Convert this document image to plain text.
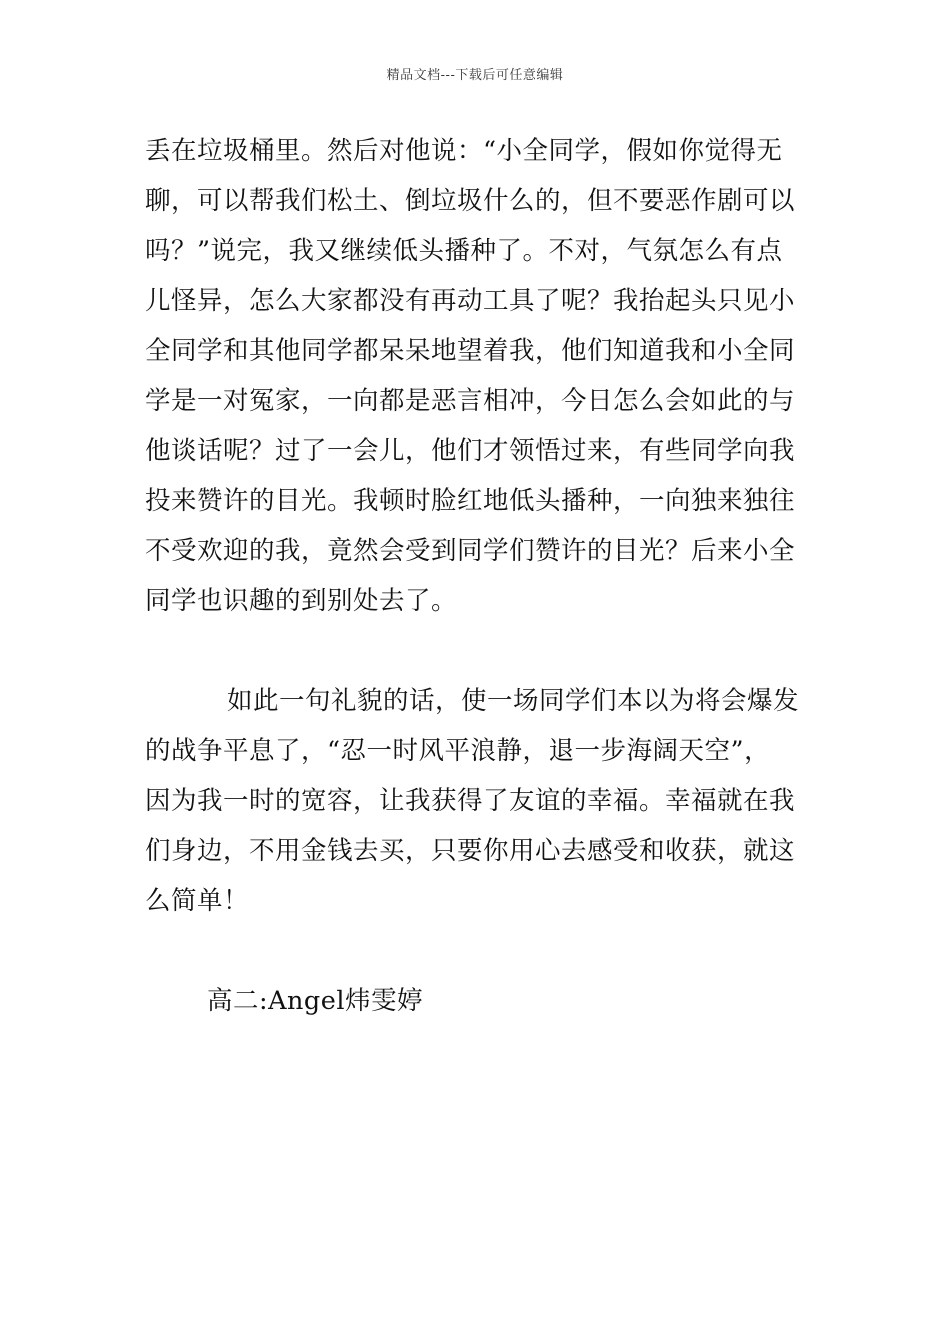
精品文档---下载后可任意编辑
丢在垃圾桶里。然后对他说：“小全同学，假如你觉得无
聊，可以帮我们松土、倒垃圾什么的，但不要恶作剧可以
吗？”说完，我又继续低头播种了。不对，气氛怎么有点
儿怪异，怎么大家都没有再动工具了呢？我抬起头只见小
全同学和其他同学都呆呆地望着我，他们知道我和小全同
学是一对冤家，一向都是恶言相冲，今日怎么会如此的与
他谈话呢？过了一会儿，他们才领悟过来，有些同学向我
投来赞许的目光。我顿时脸红地低头播种，一向独来独往
不受欢迎的我，竟然会受到同学们赞许的目光？后来小全
同学也识趣的到别处去了。
如此一句礼貌的话，使一场同学们本以为将会爆发
的战争平息了，“忍一时风平浪静，退一步海阔天空”，
因为我一时的宽容，让我获得了友谊的幸福。幸福就在我
们身边，不用金钱去买，只要你用心去感受和收获，就这
么简单！
高二:Angel炜雯婷
